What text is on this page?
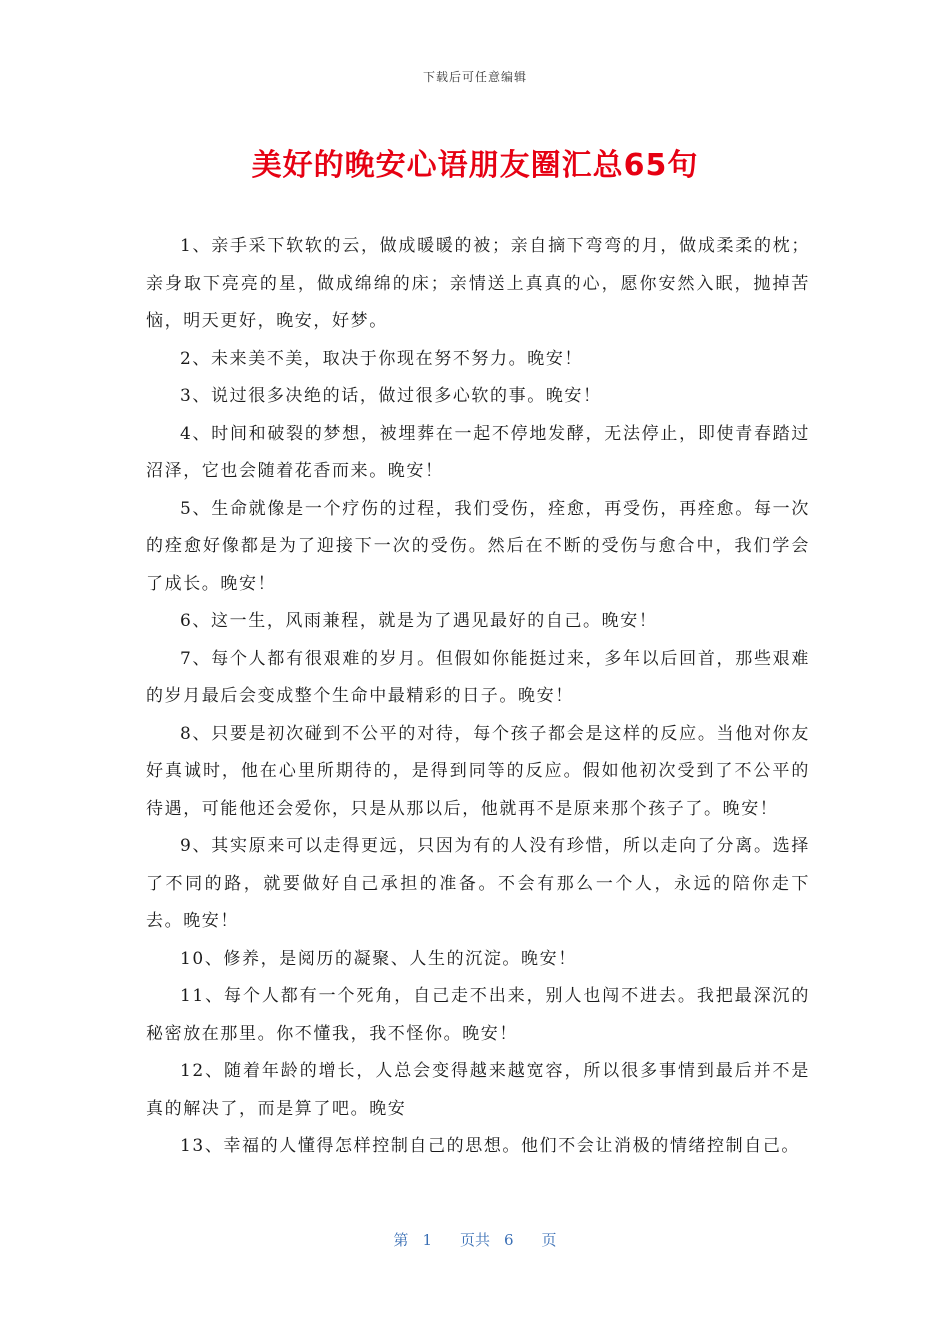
下载后可任意编辑
美好的晚安心语朋友圈汇总65句

1、亲手采下软软的云，做成暖暖的被；亲自摘下弯弯的月，做成柔柔的枕；亲身取下亮亮的星，做成绵绵的床；亲情送上真真的心，愿你安然入眠，抛掉苦恼，明天更好，晚安，好梦。

2、未来美不美，取决于你现在努不努力。晚安！

3、说过很多决绝的话，做过很多心软的事。晚安！

4、时间和破裂的梦想，被埋葬在一起不停地发酵，无法停止，即使青春踏过沼泽，它也会随着花香而来。晚安！

5、生命就像是一个疗伤的过程，我们受伤，痊愈，再受伤，再痊愈。每一次的痊愈好像都是为了迎接下一次的受伤。然后在不断的受伤与愈合中，我们学会了成长。晚安！

6、这一生，风雨兼程，就是为了遇见最好的自己。晚安！

7、每个人都有很艰难的岁月。但假如你能挺过来，多年以后回首，那些艰难的岁月最后会变成整个生命中最精彩的日子。晚安！

8、只要是初次碰到不公平的对待，每个孩子都会是这样的反应。当他对你友好真诚时，他在心里所期待的，是得到同等的反应。假如他初次受到了不公平的待遇，可能他还会爱你，只是从那以后，他就再不是原来那个孩子了。晚安！

9、其实原来可以走得更远，只因为有的人没有珍惜，所以走向了分离。选择了不同的路，就要做好自己承担的准备。不会有那么一个人，永远的陪你走下去。晚安！

10、修养，是阅历的凝聚、人生的沉淀。晚安！

11、每个人都有一个死角，自己走不出来，别人也闯不进去。我把最深沉的秘密放在那里。你不懂我，我不怪你。晚安！

12、随着年龄的增长，人总会变得越来越宽容，所以很多事情到最后并不是真的解决了，而是算了吧。晚安

13、幸福的人懂得怎样控制自己的思想。他们不会让消极的情绪控制自己。

第 1 页共 6 页
